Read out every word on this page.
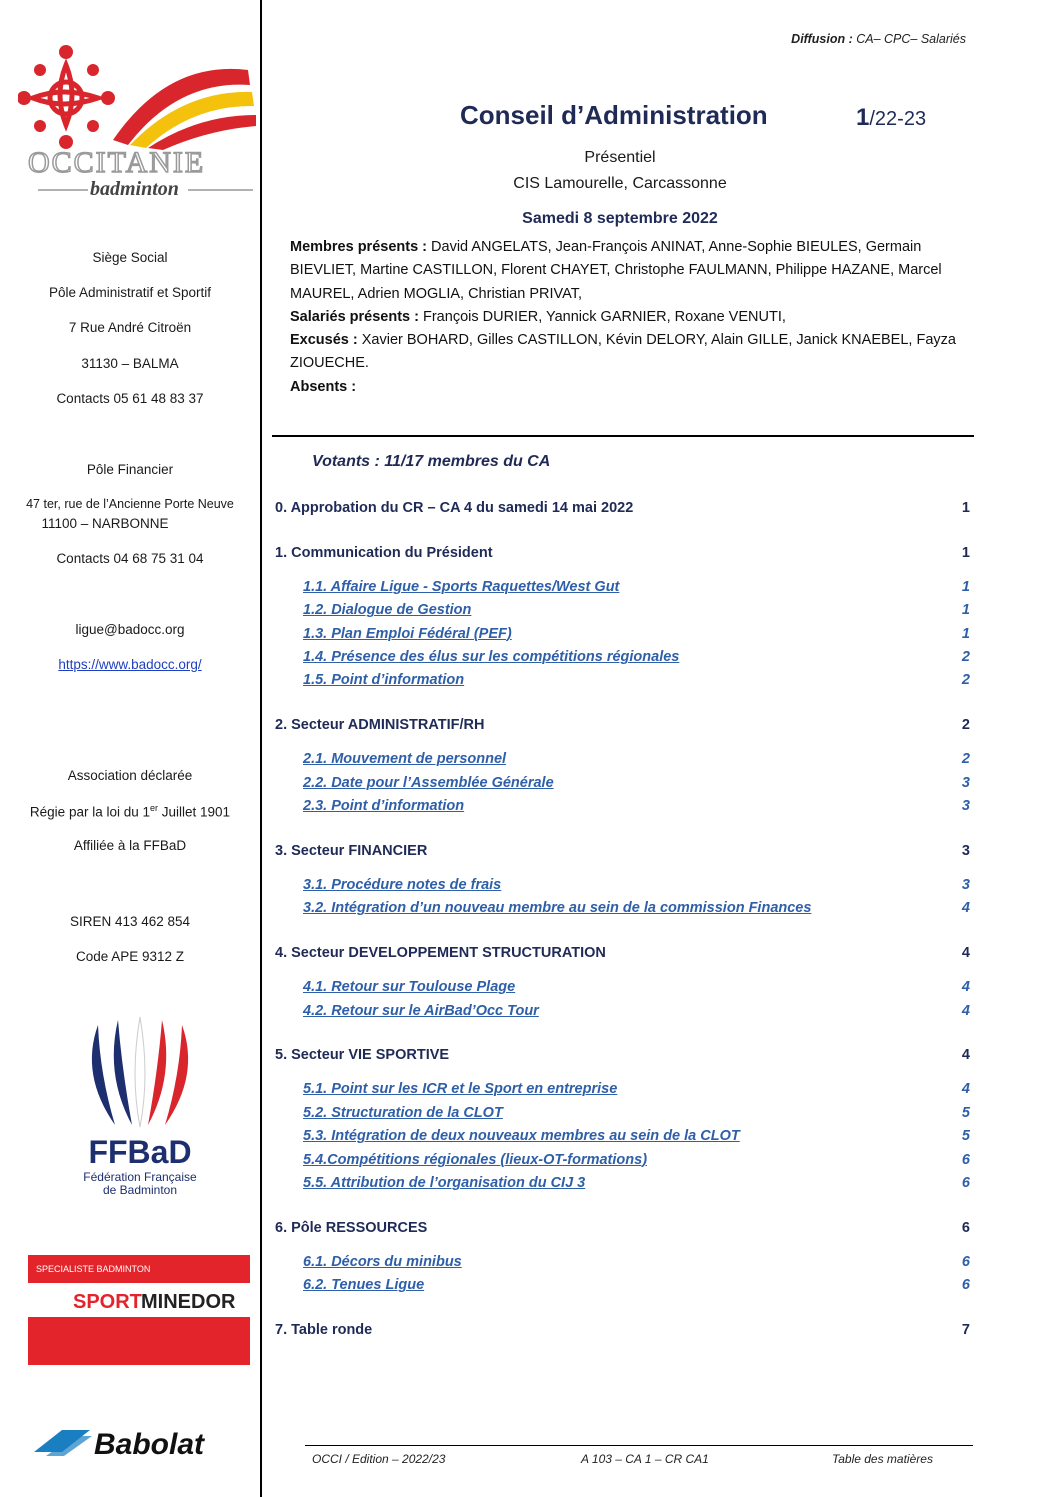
OCCITANIE
badminton
Siège Social
Pôle Administratif et Sportif
7 Rue André Citroën
31130 – BALMA
Contacts 05 61 48 83 37
Pôle Financier
47 ter, rue de l’Ancienne Porte Neuve
11100 – NARBONNE
Contacts 04 68 75 31 04
ligue@badocc.org
https://www.badocc.org/
Association déclarée
Régie par la loi du 1er Juillet 1901
Affiliée à la FFBaD
SIREN 413 462 854
Code APE 9312 Z
FFBaD
Fédération Française
de Badminton
SPECIALISTE BADMINTON
SPORT MINEDOR
Babolat
Diffusion : CA– CPC– Salariés
Conseil d’Administration	1/22-23
Présentiel
CIS Lamourelle, Carcassonne
Samedi 8 septembre 2022
Membres présents : David ANGELATS, Jean-François ANINAT, Anne-Sophie BIEULES, Germain BIEVLIET, Martine CASTILLON, Florent CHAYET, Christophe FAULMANN, Philippe HAZANE, Marcel MAUREL, Adrien MOGLIA, Christian PRIVAT,
Salariés présents : François DURIER, Yannick GARNIER, Roxane VENUTI,
Excusés : Xavier BOHARD, Gilles CASTILLON, Kévin DELORY, Alain GILLE, Janick KNAEBEL, Fayza ZIOUECHE.
Absents :
Votants : 11/17 membres du CA
0. Approbation du CR – CA 4 du samedi 14 mai 2022	1
1. Communication du Président	1
1.1. Affaire Ligue - Sports Raquettes/West Gut	1
1.2. Dialogue de Gestion	1
1.3. Plan Emploi Fédéral (PEF)	1
1.4. Présence des élus sur les compétitions régionales	2
1.5. Point d’information	2
2. Secteur ADMINISTRATIF/RH	2
2.1. Mouvement de personnel	2
2.2. Date pour l’Assemblée Générale	3
2.3. Point d’information	3
3. Secteur FINANCIER	3
3.1. Procédure notes de frais	3
3.2. Intégration d’un nouveau membre au sein de la commission Finances	4
4. Secteur DEVELOPPEMENT STRUCTURATION	4
4.1. Retour sur Toulouse Plage	4
4.2. Retour sur le AirBad’Occ Tour	4
5. Secteur VIE SPORTIVE	4
5.1. Point sur les ICR et le Sport en entreprise	4
5.2. Structuration de la CLOT	5
5.3. Intégration de deux nouveaux membres au sein de la CLOT	5
5.4.Compétitions régionales (lieux-OT-formations)	6
5.5. Attribution de l’organisation du CIJ 3	6
6. Pôle RESSOURCES	6
6.1. Décors du minibus	6
6.2. Tenues Ligue	6
7. Table ronde	7
OCCI / Edition – 2022/23	A 103 – CA 1 – CR CA1	Table des matières
